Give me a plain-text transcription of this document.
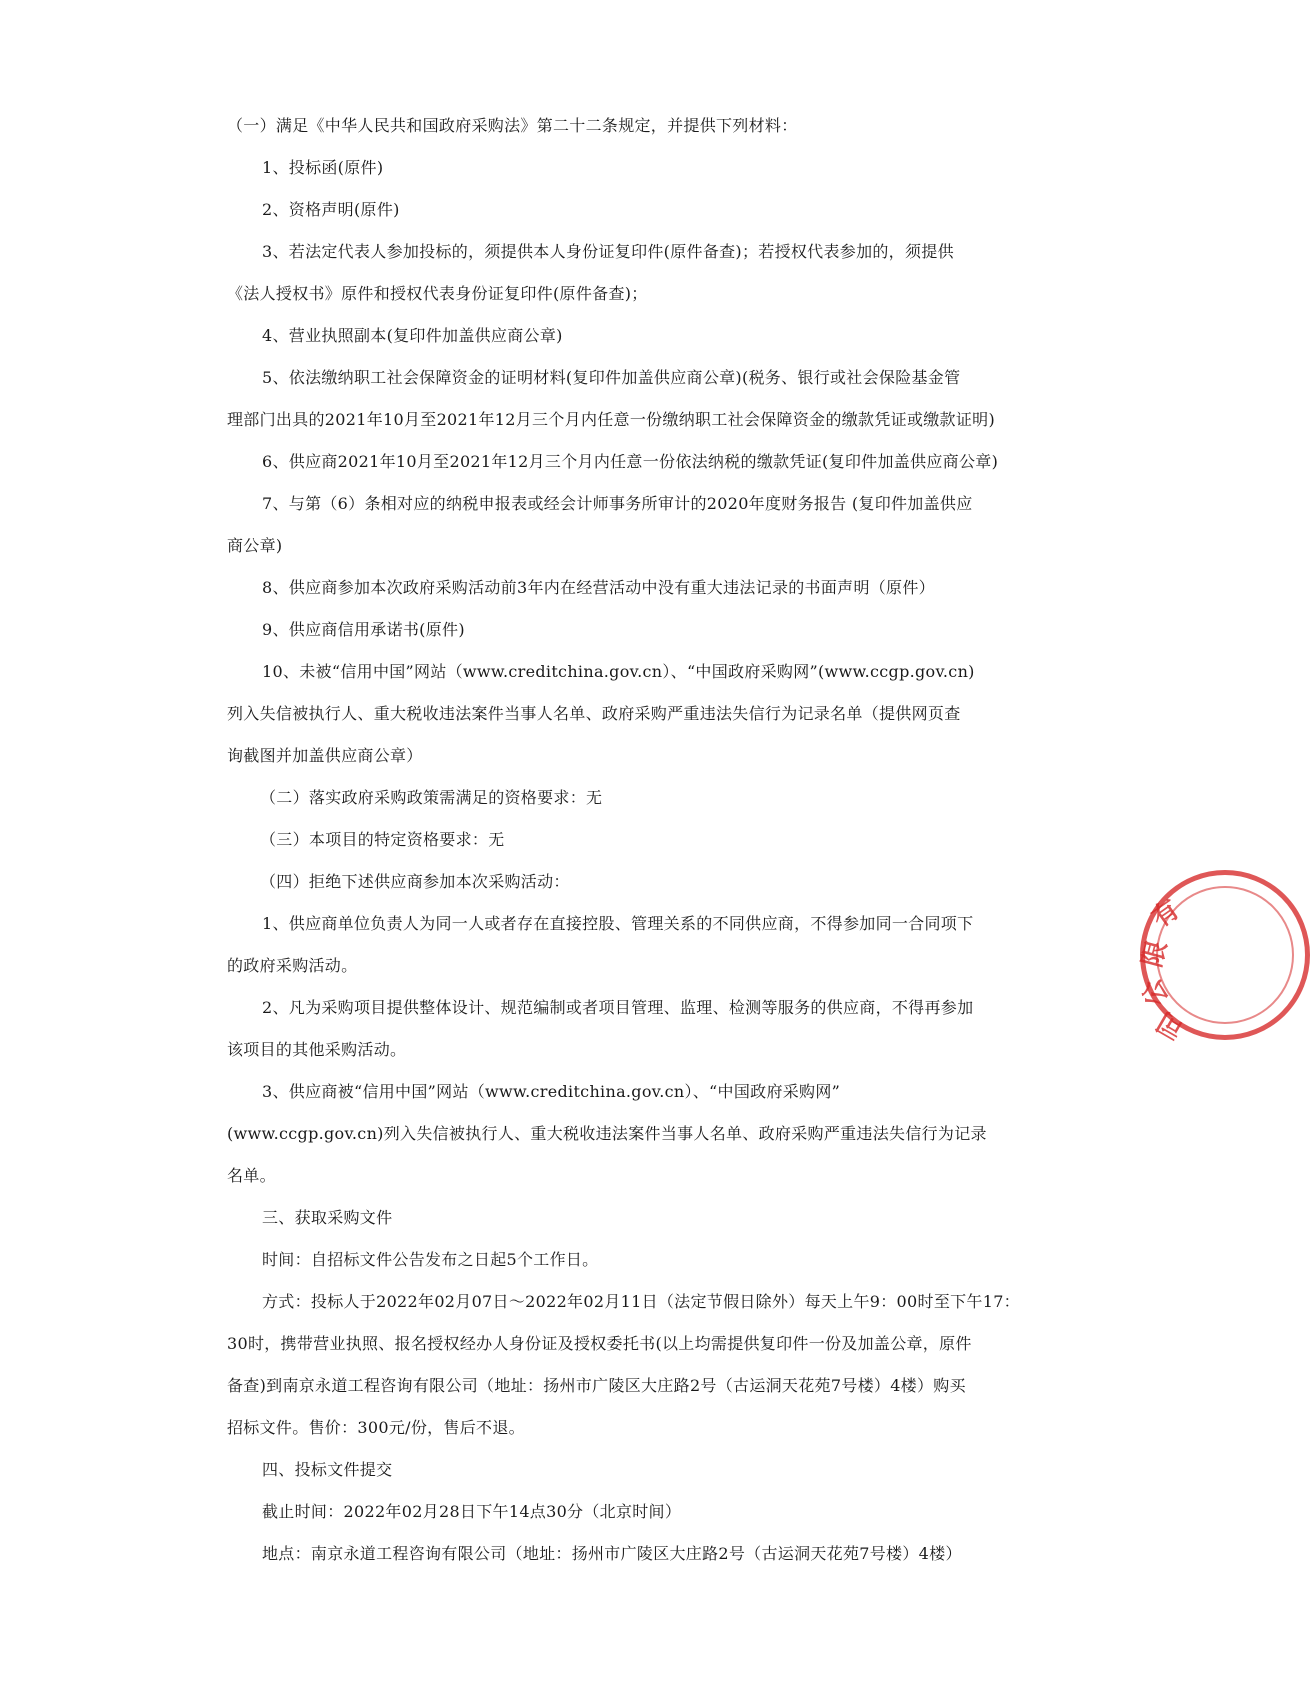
（一）满足《中华人民共和国政府采购法》第二十二条规定，并提供下列材料：
1、投标函(原件)
2、资格声明(原件)
3、若法定代表人参加投标的，须提供本人身份证复印件(原件备查)；若授权代表参加的，须提供
《法人授权书》原件和授权代表身份证复印件(原件备查)；
4、营业执照副本(复印件加盖供应商公章)
5、依法缴纳职工社会保障资金的证明材料(复印件加盖供应商公章)(税务、银行或社会保险基金管
理部门出具的2021年10月至2021年12月三个月内任意一份缴纳职工社会保障资金的缴款凭证或缴款证明)
6、供应商2021年10月至2021年12月三个月内任意一份依法纳税的缴款凭证(复印件加盖供应商公章)
7、与第（6）条相对应的纳税申报表或经会计师事务所审计的2020年度财务报告 (复印件加盖供应
商公章)
8、供应商参加本次政府采购活动前3年内在经营活动中没有重大违法记录的书面声明（原件）
9、供应商信用承诺书(原件)
10、未被“信用中国”网站（www.creditchina.gov.cn）、“中国政府采购网”(www.ccgp.gov.cn)
列入失信被执行人、重大税收违法案件当事人名单、政府采购严重违法失信行为记录名单（提供网页查
询截图并加盖供应商公章）
（二）落实政府采购政策需满足的资格要求：无
（三）本项目的特定资格要求：无
（四）拒绝下述供应商参加本次采购活动：
1、供应商单位负责人为同一人或者存在直接控股、管理关系的不同供应商，不得参加同一合同项下
的政府采购活动。
2、凡为采购项目提供整体设计、规范编制或者项目管理、监理、检测等服务的供应商，不得再参加
该项目的其他采购活动。
3、供应商被“信用中国”网站（www.creditchina.gov.cn）、“中国政府采购网”
(www.ccgp.gov.cn)列入失信被执行人、重大税收违法案件当事人名单、政府采购严重违法失信行为记录
名单。
三、获取采购文件
时间：自招标文件公告发布之日起5个工作日。
方式：投标人于2022年02月07日～2022年02月11日（法定节假日除外）每天上午9：00时至下午17：
30时，携带营业执照、报名授权经办人身份证及授权委托书(以上均需提供复印件一份及加盖公章，原件
备查)到南京永道工程咨询有限公司（地址：扬州市广陵区大庄路2号（古运洞天花苑7号楼）4楼）购买
招标文件。售价：300元/份，售后不退。
四、投标文件提交
截止时间：2022年02月28日下午14点30分（北京时间）
地点：南京永道工程咨询有限公司（地址：扬州市广陵区大庄路2号（古运洞天花苑7号楼）4楼）
有
限
公
司
